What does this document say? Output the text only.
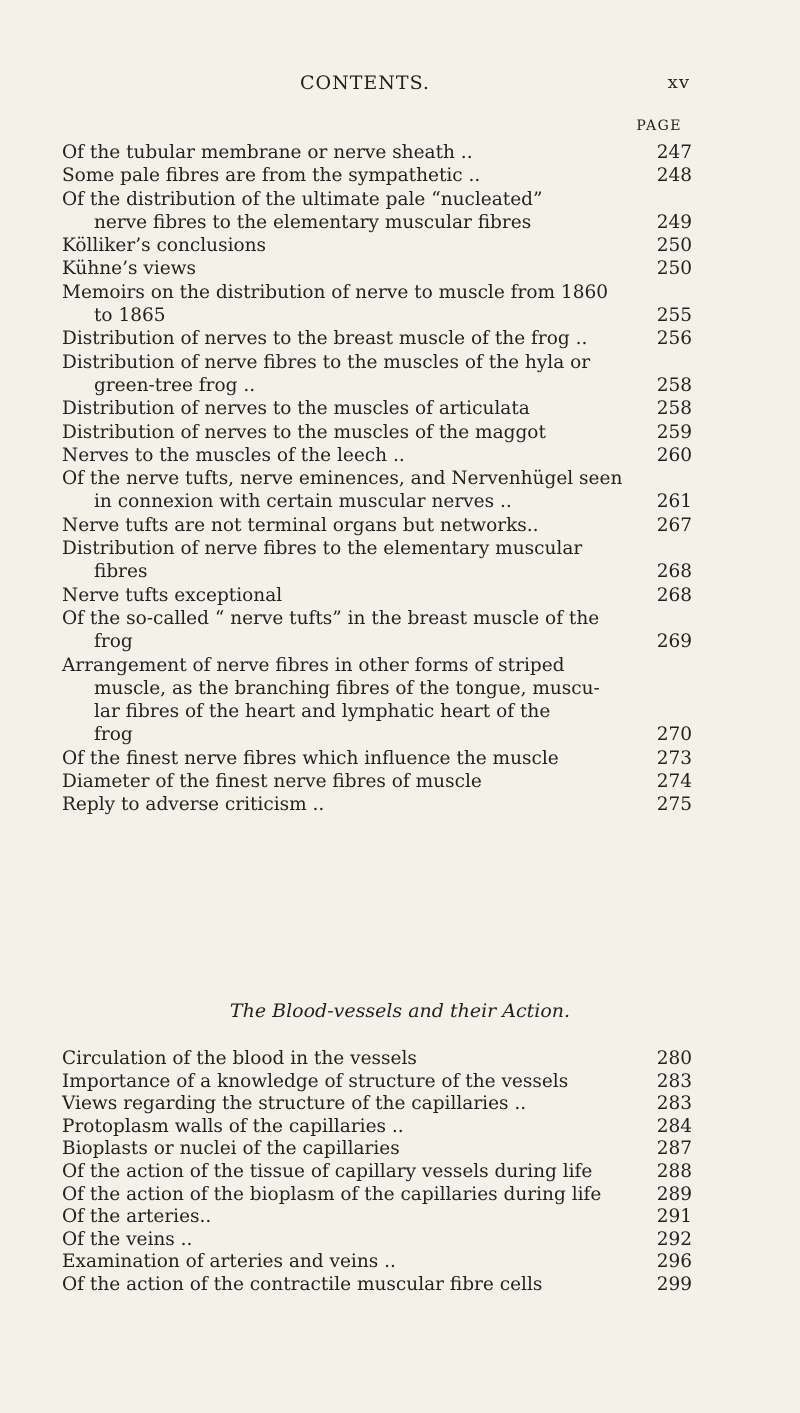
CONTENTS.	xv
PAGE
Of the tubular membrane or nerve sheath ..	247
Some pale fibres are from the sympathetic ..	248
Of the distribution of the ultimate pale “nucleated”
nerve fibres to the elementary muscular fibres	249
Kölliker’s conclusions	250
Kühne’s views	250
Memoirs on the distribution of nerve to muscle from 1860
to 1865	255
Distribution of nerves to the breast muscle of the frog ..	256
Distribution of nerve fibres to the muscles of the hyla or
green-tree frog ..	258
Distribution of nerves to the muscles of articulata	258
Distribution of nerves to the muscles of the maggot	259
Nerves to the muscles of the leech ..	260
Of the nerve tufts, nerve eminences, and Nervenhügel seen
in connexion with certain muscular nerves ..	261
Nerve tufts are not terminal organs but networks..	267
Distribution of nerve fibres to the elementary muscular
fibres	268
Nerve tufts exceptional	268
Of the so-called “ nerve tufts” in the breast muscle of the
frog	269
Arrangement of nerve fibres in other forms of striped
muscle, as the branching fibres of the tongue, muscu-
lar fibres of the heart and lymphatic heart of the
frog	270
Of the finest nerve fibres which influence the muscle	273
Diameter of the finest nerve fibres of muscle	274
Reply to adverse criticism ..	275
The Blood-vessels and their Action.
Circulation of the blood in the vessels	280
Importance of a knowledge of structure of the vessels	283
Views regarding the structure of the capillaries ..	283
Protoplasm walls of the capillaries ..	284
Bioplasts or nuclei of the capillaries	287
Of the action of the tissue of capillary vessels during life	288
Of the action of the bioplasm of the capillaries during life	289
Of the arteries..	291
Of the veins ..	292
Examination of arteries and veins ..	296
Of the action of the contractile muscular fibre cells	299
